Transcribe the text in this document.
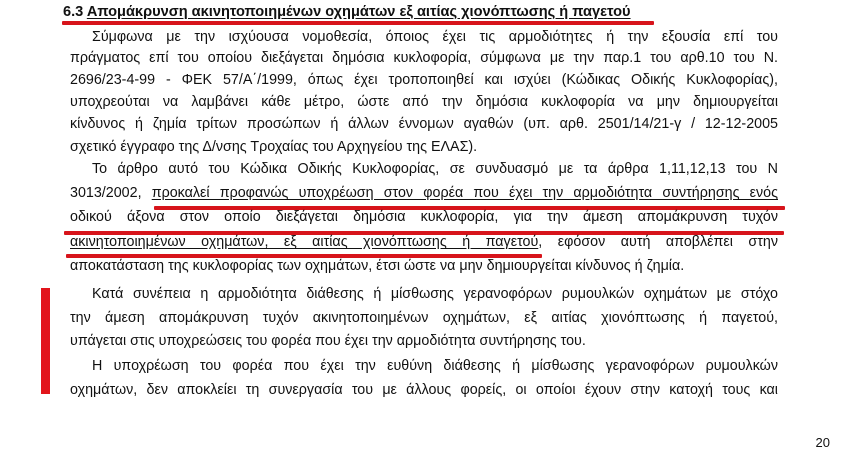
6.3 Απομάκρυνση ακινητοποιημένων οχημάτων εξ αιτίας χιονόπτωσης ή παγετού

Σύμφωνα με την ισχύουσα νομοθεσία, όποιος έχει τις αρμοδιότητες ή την εξουσία επί του

πράγματος επί του οποίου διεξάγεται δημόσια κυκλοφορία, σύμφωνα με την παρ.1 του αρθ.10 του Ν.

2696/23-4-99 - ΦΕΚ 57/Α΄/1999, όπως έχει τροποποιηθεί και ισχύει (Κώδικας Οδικής Κυκλοφορίας),

υποχρεούται να λαμβάνει κάθε μέτρο, ώστε από την δημόσια κυκλοφορία να μην δημιουργείται

κίνδυνος ή ζημία τρίτων προσώπων ή άλλων έννομων αγαθών (υπ. αρθ. 2501/14/21-γ / 12-12-2005

σχετικό έγγραφο της Δ/νσης Τροχαίας του Αρχηγείου της ΕΛΑΣ).

Το άρθρο αυτό του Κώδικα Οδικής Κυκλοφορίας, σε συνδυασμό με τα άρθρα 1,11,12,13 του Ν

3013/2002, προκαλεί προφανώς υποχρέωση στον φορέα που έχει την αρμοδιότητα συντήρησης ενός

οδικού άξονα στον οποίο διεξάγεται δημόσια κυκλοφορία, για την άμεση απομάκρυνση τυχόν

ακινητοποιημένων οχημάτων, εξ αιτίας χιονόπτωσης ή παγετού, εφόσον αυτή αποβλέπει στην

αποκατάσταση της κυκλοφορίας των οχημάτων, έτσι ώστε να μην δημιουργείται κίνδυνος ή ζημία.

Κατά συνέπεια η αρμοδιότητα διάθεσης ή μίσθωσης γερανοφόρων ρυμουλκών οχημάτων με στόχο

την άμεση απομάκρυνση τυχόν ακινητοποιημένων οχημάτων, εξ αιτίας χιονόπτωσης ή παγετού,

υπάγεται στις υποχρεώσεις του φορέα που έχει την αρμοδιότητα συντήρησης του.

Η υποχρέωση του φορέα που έχει την ευθύνη διάθεσης ή μίσθωσης γερανοφόρων ρυμουλκών

οχημάτων, δεν αποκλείει τη συνεργασία του με άλλους φορείς, οι οποίοι έχουν στην κατοχή τους και

20
